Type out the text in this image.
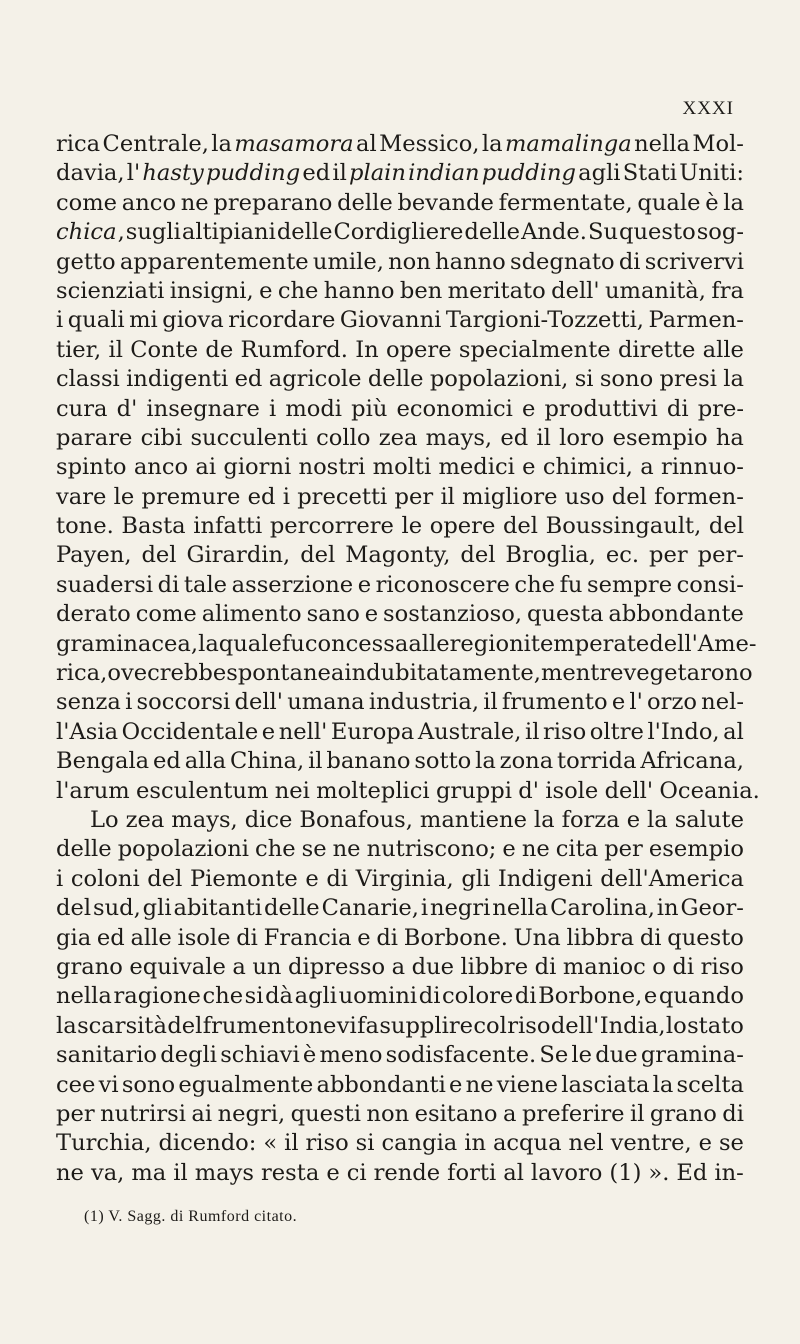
XXXI
rica Centrale, la masamora al Messico, la mamalinga nella Mol-
davia, l' hasty pudding ed il plain indian pudding agli Stati Uniti:
come anco ne preparano delle bevande fermentate, quale è la
chica , sugli altipiani delle Cordigliere delle Ande. Su questo sog-
getto apparentemente umile, non hanno sdegnato di scrivervi
scienziati insigni, e che hanno ben meritato dell' umanità, fra
i quali mi giova ricordare Giovanni Targioni-Tozzetti, Parmen-
tier, il Conte de Rumford. In opere specialmente dirette alle
classi indigenti ed agricole delle popolazioni, si sono presi la
cura d' insegnare i modi più economici e produttivi di pre-
parare cibi succulenti collo zea mays, ed il loro esempio ha
spinto anco ai giorni nostri molti medici e chimici, a rinnuo-
vare le premure ed i precetti per il migliore uso del formen-
tone. Basta infatti percorrere le opere del Boussingault, del
Payen, del Girardin, del Magonty, del Broglia, ec. per per-
suadersi di tale asserzione e riconoscere che fu sempre consi-
derato come alimento sano e sostanzioso, questa abbondante
graminacea, la quale fu concessa alle regioni temperate dell'Ame-
rica, ove crebbe spontanea indubitatamente, mentre vegetarono
senza i soccorsi dell' umana industria, il frumento e l' orzo nel-
l'Asia Occidentale e nell' Europa Australe, il riso oltre l'Indo, al
Bengala ed alla China, il banano sotto la zona torrida Africana,
l'arum esculentum nei molteplici gruppi d' isole dell' Oceania.
Lo zea mays, dice Bonafous, mantiene la forza e la salute
delle popolazioni che se ne nutriscono; e ne cita per esempio
i coloni del Piemonte e di Virginia, gli Indigeni dell'America
del sud, gli abitanti delle Canarie, i negri nella Carolina, in Geor-
gia ed alle isole di Francia e di Borbone. Una libbra di questo
grano equivale a un dipresso a due libbre di manioc o di riso
nella ragione che si dà agli uomini di colore di Borbone, e quando
la scarsità del frumentone vi fa supplire col riso dell' India, lo stato
sanitario degli schiavi è meno sodisfacente. Se le due gramina-
cee vi sono egualmente abbondanti e ne viene lasciata la scelta
per nutrirsi ai negri, questi non esitano a preferire il grano di
Turchia, dicendo: « il riso si cangia in acqua nel ventre, e se
ne va, ma il mays resta e ci rende forti al lavoro (1) ». Ed in-
(1) V. Sagg. di Rumford citato.
